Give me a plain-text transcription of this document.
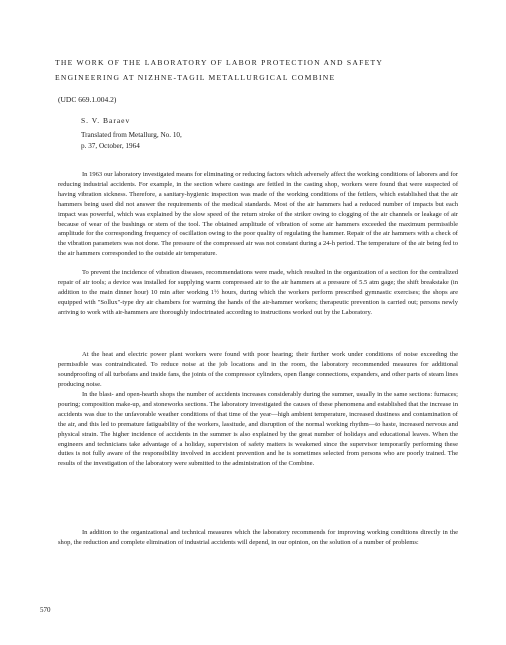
THE WORK OF THE LABORATORY OF LABOR PROTECTION AND SAFETY
ENGINEERING AT NIZHNE-TAGIL METALLURGICAL COMBINE

(UDC 669.1.004.2)

S. V. Baraev

Translated from Metallurg, No. 10,
p. 37, October, 1964

In 1963 our laboratory investigated means for eliminating or reducing factors which adversely affect the working conditions of laborers and for reducing industrial accidents. For example, in the section where castings are fettled in the casting shop, workers were found that were suspected of having vibration sickness. Therefore, a sanitary-hygienic inspection was made of the working conditions of the fettlers, which established that the air hammers being used did not answer the requirements of the medical standards. Most of the air hammers had a reduced number of impacts but each impact was powerful, which was explained by the slow speed of the return stroke of the striker owing to clogging of the air channels or leakage of air because of wear of the bushings or stem of the tool. The obtained amplitude of vibration of some air hammers exceeded the maximum permissible amplitude for the corresponding frequency of oscillation owing to the poor quality of regulating the hammer. Repair of the air hammers with a check of the vibration parameters was not done. The pressure of the compressed air was not constant during a 24-h period. The temperature of the air being fed to the air hammers corresponded to the outside air temperature.

To prevent the incidence of vibration diseases, recommendations were made, which resulted in the organization of a section for the centralized repair of air tools; a device was installed for supplying warm compressed air to the air hammers at a pressure of 5.5 atm gage; the shift breakstake (in addition to the main dinner hour) 10 min after working 1½ hours, during which the workers perform prescribed gymnastic exercises; the shops are equipped with "Sollux"-type dry air chambers for warming the hands of the air-hammer workers; therapeutic prevention is carried out; persons newly arriving to work with air-hammers are thoroughly indoctrinated according to instructions worked out by the Laboratory.

At the heat and electric power plant workers were found with poor hearing; their further work under conditions of noise exceeding the permissible was contraindicated. To reduce noise at the job locations and in the room, the laboratory recommended measures for additional soundproofing of all turbofans and inside fans, the joints of the compressor cylinders, open flange connections, expanders, and other parts of steam lines producing noise.

In the blast- and open-hearth shops the number of accidents increases considerably during the summer, usually in the same sections: furnaces; pouring; composition make-up, and stoneworks sections. The laboratory investigated the causes of these phenomena and established that the increase in accidents was due to the unfavorable weather conditions of that time of the year—high ambient temperature, increased dustiness and contamination of the air, and this led to premature fatiguability of the workers, lassitude, and disruption of the normal working rhythm—to haste, increased nervous and physical strain. The higher incidence of accidents in the summer is also explained by the great number of holidays and educational leaves. When the engineers and technicians take advantage of a holiday, supervision of safety matters is weakened since the supervisor temporarily performing these duties is not fully aware of the responsibility involved in accident prevention and he is sometimes selected from persons who are poorly trained. The results of the investigation of the laboratory were submitted to the administration of the Combine.

In addition to the organizational and technical measures which the laboratory recommends for improving working conditions directly in the shop, the reduction and complete elimination of industrial accidents will depend, in our opinion, on the solution of a number of problems:

570
